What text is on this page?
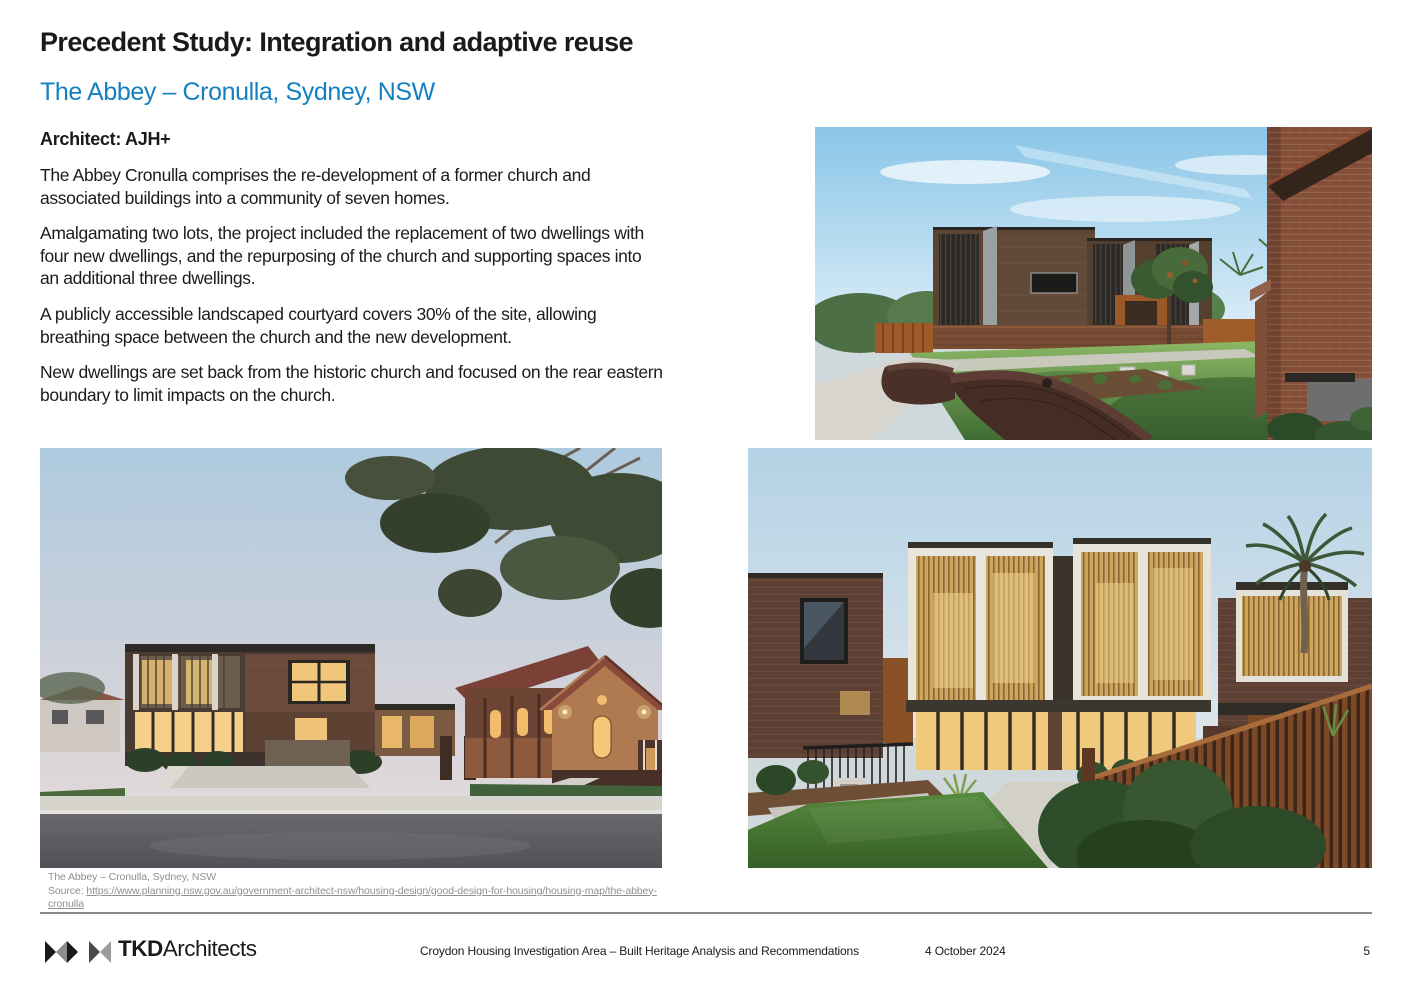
Precedent Study: Integration and adaptive reuse
The Abbey – Cronulla, Sydney, NSW
Architect: AJH+

The Abbey Cronulla comprises the re-development of a former church and associated buildings into a community of seven homes.

Amalgamating two lots, the project included the replacement of two dwellings with four new dwellings, and the repurposing of the church and supporting spaces into an additional three dwellings.

A publicly accessible landscaped courtyard covers 30% of the site, allowing breathing space between the church and the new development.

New dwellings are set back from the historic church and focused on the rear eastern boundary to limit impacts on the church.

The Abbey – Cronulla, Sydney, NSW
Source: https://www.planning.nsw.gov.au/government-architect-nsw/housing-design/good-design-for-housing/housing-map/the-abbey-cronulla
TKDArchitects	Croydon Housing Investigation Area – Built Heritage Analysis and Recommendations	4 October 2024	5
